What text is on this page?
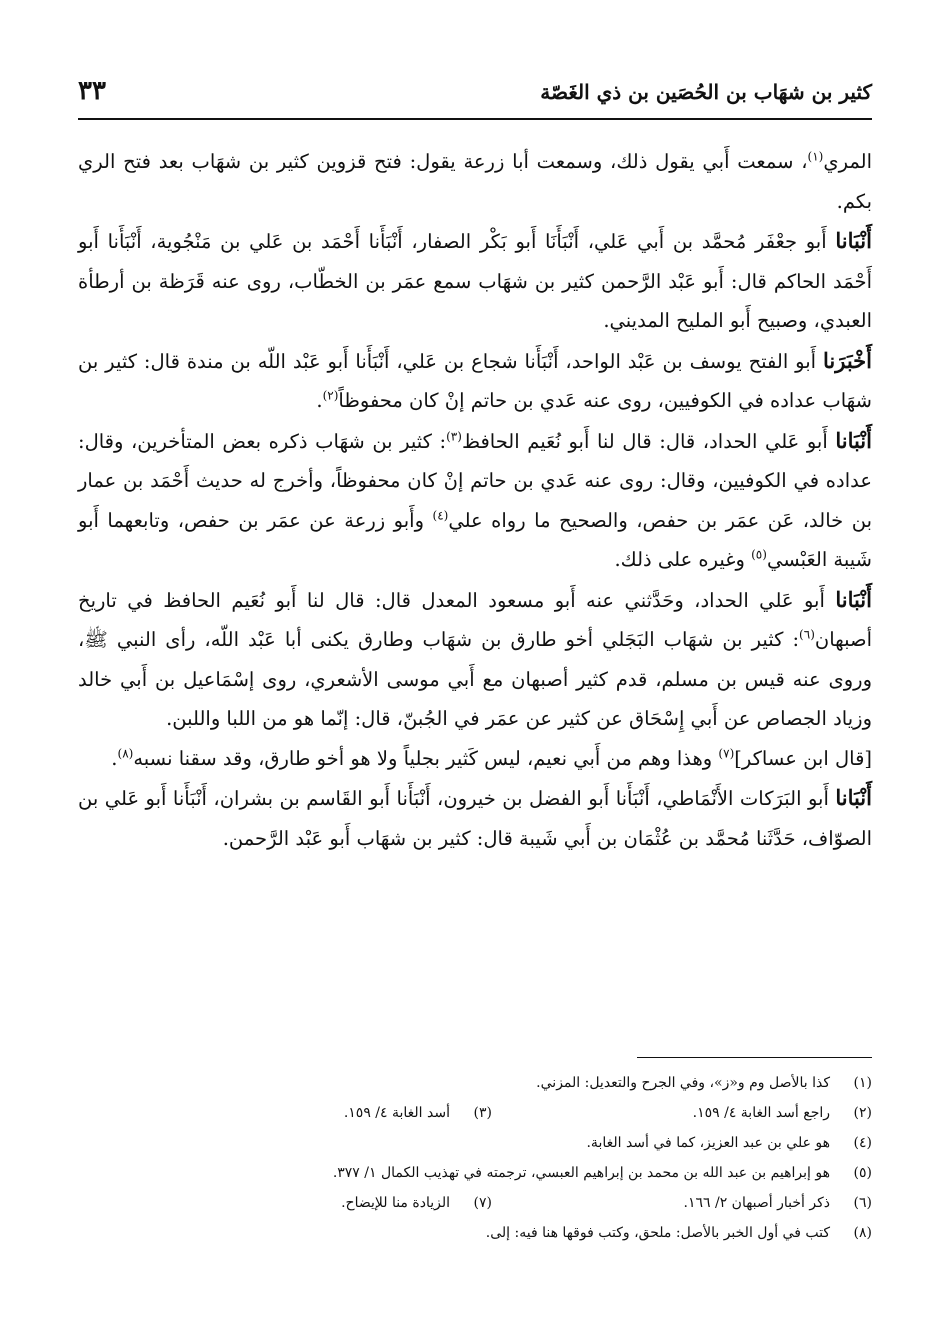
كثير بن شهَاب بن الحُصَين بن ذي الغَصّة
٣٣

المري$^{(١)}$، سمعت أَبي يقول ذلك، وسمعت أبا زرعة يقول: فتح قزوين كثير بن شهَاب بعد فتح الري بكم.

أَنْبَانا أَبو جعْفَر مُحمَّد بن أَبي عَلي، أَنْبَأَنَا أَبو بَكْر الصفار، أَنْبَأَنا أَحْمَد بن عَلي بن مَنْجُوية، أَنْبَأَنا أَبو أَحْمَد الحاكم قال: أَبو عَبْد الرَّحمن كثير بن شهَاب سمع عمَر بن الخطّاب، روى عنه قَرَظة بن أرطأة العبدي، وصبيح أَبو المليح المديني.

أَخْبَرَنا أَبو الفتح يوسف بن عَبْد الواحد، أَنْبَأَنا شجاع بن عَلي، أَنْبَأَنا أَبو عَبْد اللّه بن مندة قال: كثير بن شهَاب عداده في الكوفيين، روى عنه عَدي بن حاتم إنْ كان محفوظاً$^{(٢)}$.

أَنْبَانا أَبو عَلي الحداد، قال: قال لنا أَبو نُعَيم الحافظ$^{(٣)}$: كثير بن شهَاب ذكره بعض المتأخرين، وقال: عداده في الكوفيين، وقال: روى عنه عَدي بن حاتم إنْ كان محفوظاً، وأخرج له حديث أَحْمَد بن عمار بن خالد، عَن عمَر بن حفص، والصحيح ما رواه علي$^{(٤)}$ وأَبو زرعة عن عمَر بن حفص، وتابعهما أَبو شَيبة العَبْسي$^{(٥)}$ وغيره على ذلك.

أَنْبَانا أَبو عَلي الحداد، وحَدَّثني عنه أَبو مسعود المعدل قال: قال لنا أَبو نُعَيم الحافظ في تاريخ أصبهان$^{(٦)}$: كثير بن شهَاب البَجَلي أخو طارق بن شهَاب وطارق يكنى أبا عَبْد اللّه، رأى النبي ﷺ، وروى عنه قيس بن مسلم، قدم كثير أصبهان مع أَبي موسى الأشعري، روى إسْمَاعيل بن أَبي خالد وزياد الجصاص عن أَبي إِسْحَاق عن كثير عن عمَر في الجُبنّ، قال: إنّما هو من اللبا واللبن.

[قال ابن عساكر]$^{(٧)}$ وهذا وهم من أَبي نعيم، ليس كَثير بجلياً ولا هو أخو طارق، وقد سقنا نسبه$^{(٨)}$.

أَنْبَانا أَبو البَرَكات الأَنْمَاطي، أَنْبَأَنا أَبو الفضل بن خيرون، أَنْبَأَنا أَبو القَاسم بن بشران، أَنْبَأَنا أَبو عَلي بن الصوّاف، حَدَّثَنا مُحمَّد بن عُثْمَان بن أَبي شَيبة قال: كثير بن شهَاب أَبو عَبْد الرَّحمن.

(١)
كذا بالأصل وم و«ز»، وفي الجرح والتعديل: المزني.
(٢)
راجع أسد الغابة ٤/ ١٥٩.
(٣)
أسد الغابة ٤/ ١٥٩.
(٤)
هو علي بن عبد العزيز، كما في أسد الغابة.
(٥)
هو إبراهيم بن عبد الله بن محمد بن إبراهيم العبسي، ترجمته في تهذيب الكمال ١/ ٣٧٧.
(٦)
ذكر أخبار أصبهان ٢/ ١٦٦.
(٧)
الزيادة منا للإيضاح.
(٨)
كتب في أول الخبر بالأصل: ملحق، وكتب فوقها هنا فيه: إلى.
